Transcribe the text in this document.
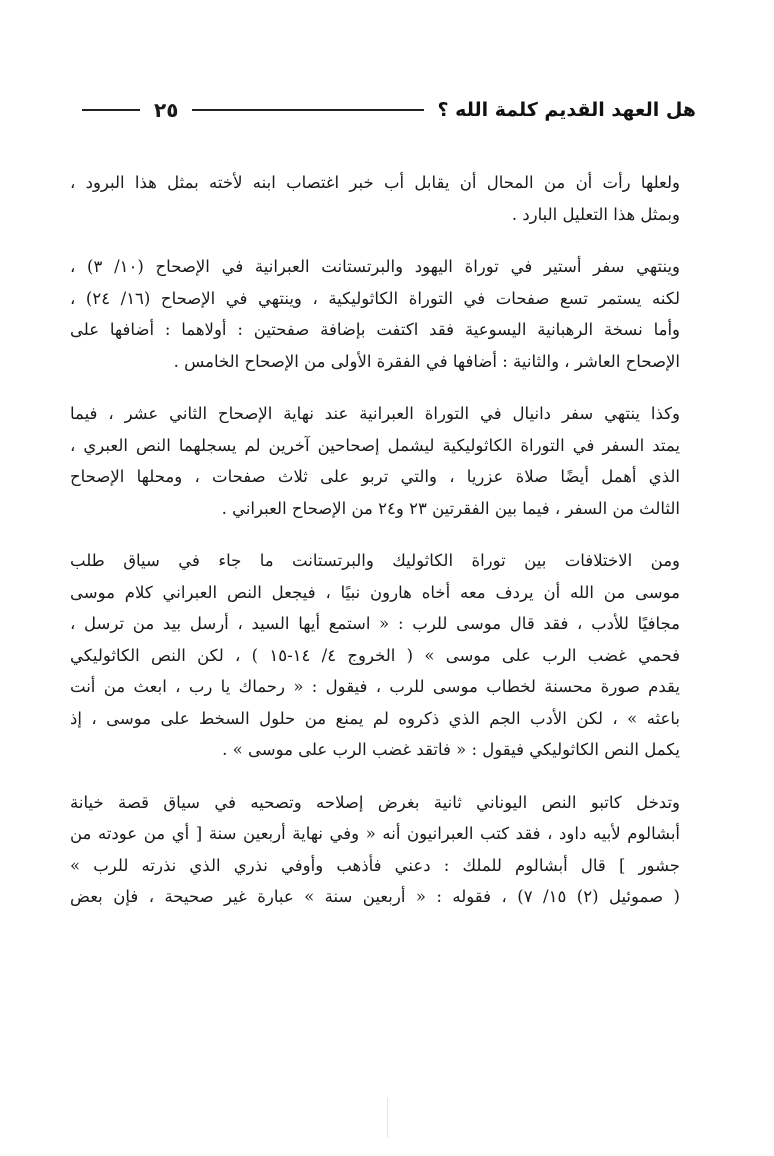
هل العهد القديم كلمة الله ؟
٢٥

ولعلها رأت أن من المحال أن يقابل أب خبر اغتصاب ابنه لأخته بمثل هذا البرود ،
وبمثل هذا التعليل البارد .

وينتهي سفر أستير في توراة اليهود والبرتستانت العبرانية في الإصحاح (١٠/ ٣) ،
لكنه يستمر تسع صفحات في التوراة الكاثوليكية ، وينتهي في الإصحاح (١٦/ ٢٤) ،
وأما نسخة الرهبانية اليسوعية فقد اكتفت بإضافة صفحتين : أولاهما : أضافها على
الإصحاح العاشر ، والثانية : أضافها في الفقرة الأولى من الإصحاح الخامس .

وكذا ينتهي سفر دانيال في التوراة العبرانية عند نهاية الإصحاح الثاني عشر ، فيما
يمتد السفر في التوراة الكاثوليكية ليشمل إصحاحين آخرين لم يسجلهما النص العبري ،
الذي أهمل أيضًا صلاة عزريا ، والتي تربو على ثلاث صفحات ، ومحلها الإصحاح
الثالث من السفر ، فيما بين الفقرتين ٢٣ و٢٤ من الإصحاح العبراني .

ومن الاختلافات بين توراة الكاثوليك والبرتستانت ما جاء في سياق طلب
موسى من الله أن يردف معه أخاه هارون نبيًا ، فيجعل النص العبراني كلام موسى
مجافيًا للأدب ، فقد قال موسى للرب : « استمع أيها السيد ، أرسل بيد من ترسل ،
فحمي غضب الرب على موسى » ( الخروج ٤/ ١٤-١٥ ) ، لكن النص الكاثوليكي
يقدم صورة محسنة لخطاب موسى للرب ، فيقول : « رحماك يا رب ، ابعث من أنت
باعثه » ، لكن الأدب الجم الذي ذكروه لم يمنع من حلول السخط على موسى ، إذ
يكمل النص الكاثوليكي فيقول : « فاتقد غضب الرب على موسى » .

وتدخل كاتبو النص اليوناني ثانية بغرض إصلاحه وتصحيه في سياق قصة خيانة
أبشالوم لأبيه داود ، فقد كتب العبرانيون أنه « وفي نهاية أربعين سنة [ أي من عودته من
جشور ] قال أبشالوم للملك : دعني فأذهب وأوفي نذري الذي نذرته للرب »
( صموئيل (٢) ١٥/ ٧) ، فقوله : « أربعين سنة » عبارة غير صحيحة ، فإن بعض
